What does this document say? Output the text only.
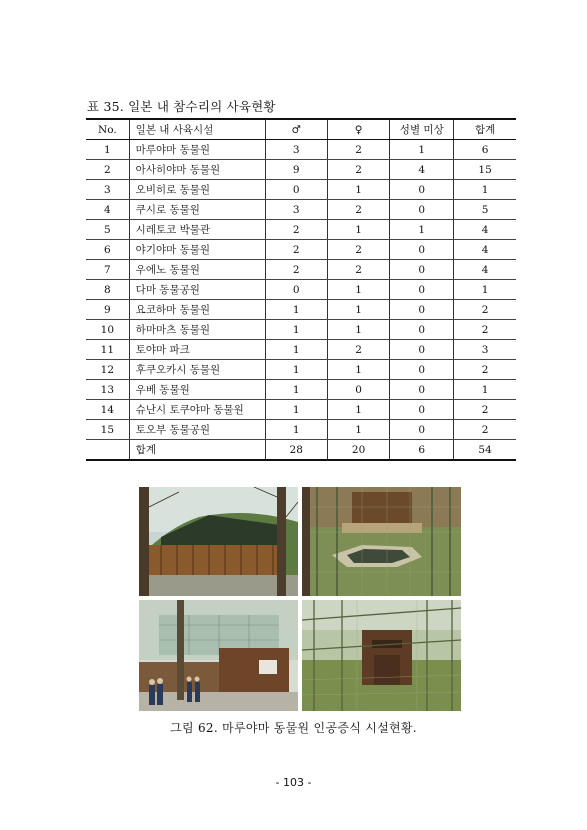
표 35. 일본 내 참수리의 사육현황
No.	일본 내 사육시설	♂	♀	성별 미상	합계
1	마루야마 동물원	3	2	1	6
2	아사히야마 동물원	9	2	4	15
3	오비히로 동물원	0	1	0	1
4	쿠시로 동물원	3	2	0	5
5	시레토코 박물관	2	1	1	4
6	야기야마 동물원	2	2	0	4
7	우에노 동물원	2	2	0	4
8	다마 동물공원	0	1	0	1
9	요코하마 동물원	1	1	0	2
10	하마마츠 동물원	1	1	0	2
11	토야마 파크	1	2	0	3
12	후쿠오카시 동물원	1	1	0	2
13	우베 동물원	1	0	0	1
14	슈난시 토쿠야마 동물원	1	1	0	2
15	토오부 동물공원	1	1	0	2
	합계	28	20	6	54
그림 62. 마루야마 동물원 인공증식 시설현황.
- 103 -
